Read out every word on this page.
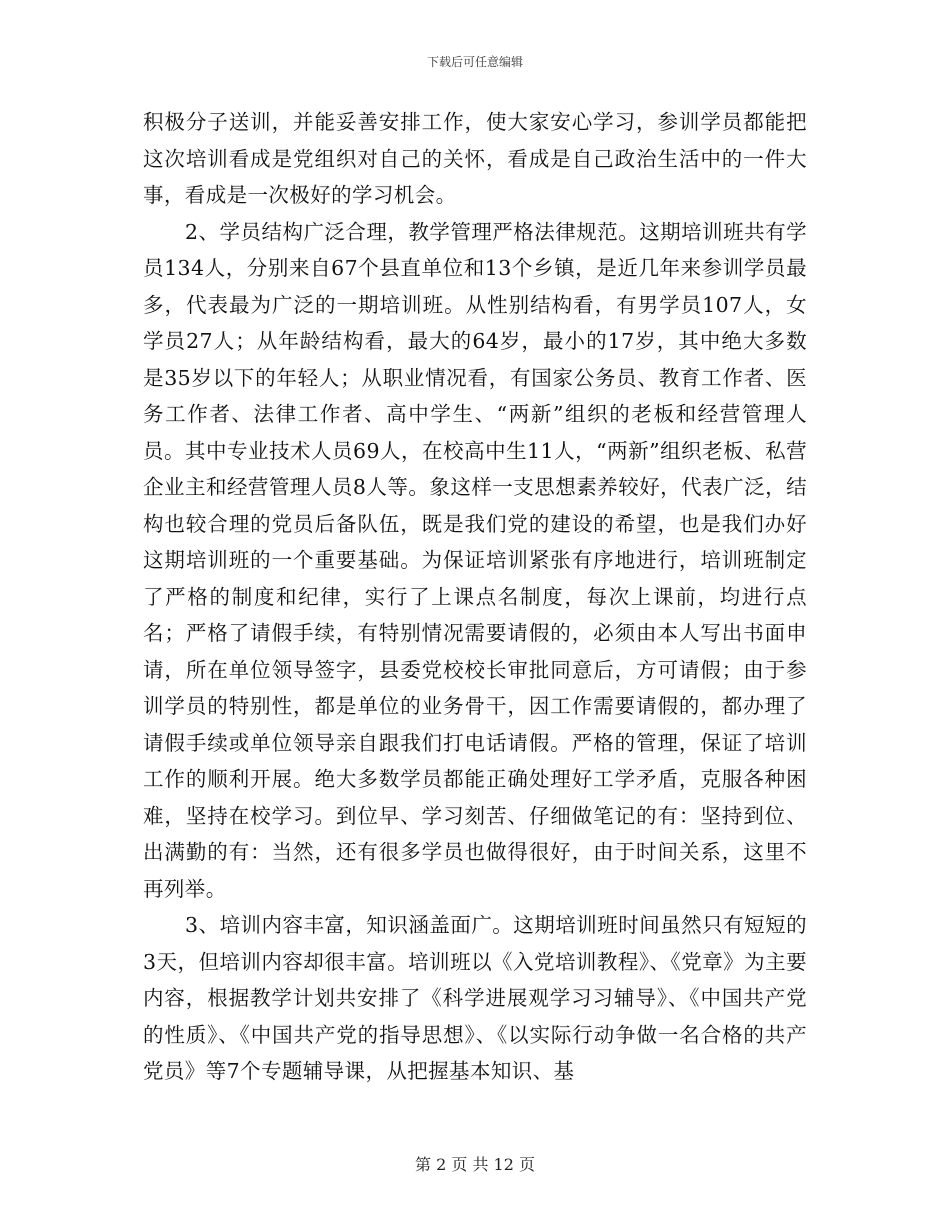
下载后可任意编辑

积极分子送训，并能妥善安排工作，使大家安心学习，参训学员都能把这次培训看成是党组织对自己的关怀，看成是自己政治生活中的一件大事，看成是一次极好的学习机会。

2、学员结构广泛合理，教学管理严格法律规范。这期培训班共有学员134人，分别来自67个县直单位和13个乡镇，是近几年来参训学员最多，代表最为广泛的一期培训班。从性别结构看，有男学员107人，女学员27人；从年龄结构看，最大的64岁，最小的17岁，其中绝大多数是35岁以下的年轻人；从职业情况看，有国家公务员、教育工作者、医务工作者、法律工作者、高中学生、“两新”组织的老板和经营管理人员。其中专业技术人员69人，在校高中生11人，“两新”组织老板、私营企业主和经营管理人员8人等。象这样一支思想素养较好，代表广泛，结构也较合理的党员后备队伍，既是我们党的建设的希望，也是我们办好这期培训班的一个重要基础。为保证培训紧张有序地进行，培训班制定了严格的制度和纪律，实行了上课点名制度，每次上课前，均进行点名；严格了请假手续，有特别情况需要请假的，必须由本人写出书面申请，所在单位领导签字，县委党校校长审批同意后，方可请假；由于参训学员的特别性，都是单位的业务骨干，因工作需要请假的，都办理了请假手续或单位领导亲自跟我们打电话请假。严格的管理，保证了培训工作的顺利开展。绝大多数学员都能正确处理好工学矛盾，克服各种困难，坚持在校学习。到位早、学习刻苦、仔细做笔记的有：坚持到位、出满勤的有：当然，还有很多学员也做得很好，由于时间关系，这里不再列举。

3、培训内容丰富，知识涵盖面广。这期培训班时间虽然只有短短的3天，但培训内容却很丰富。培训班以《入党培训教程》、《党章》为主要内容，根据教学计划共安排了《科学进展观学习习辅导》、《中国共产党的性质》、《中国共产党的指导思想》、《以实际行动争做一名合格的共产党员》等7个专题辅导课，从把握基本知识、基

第 2 页 共 12 页
